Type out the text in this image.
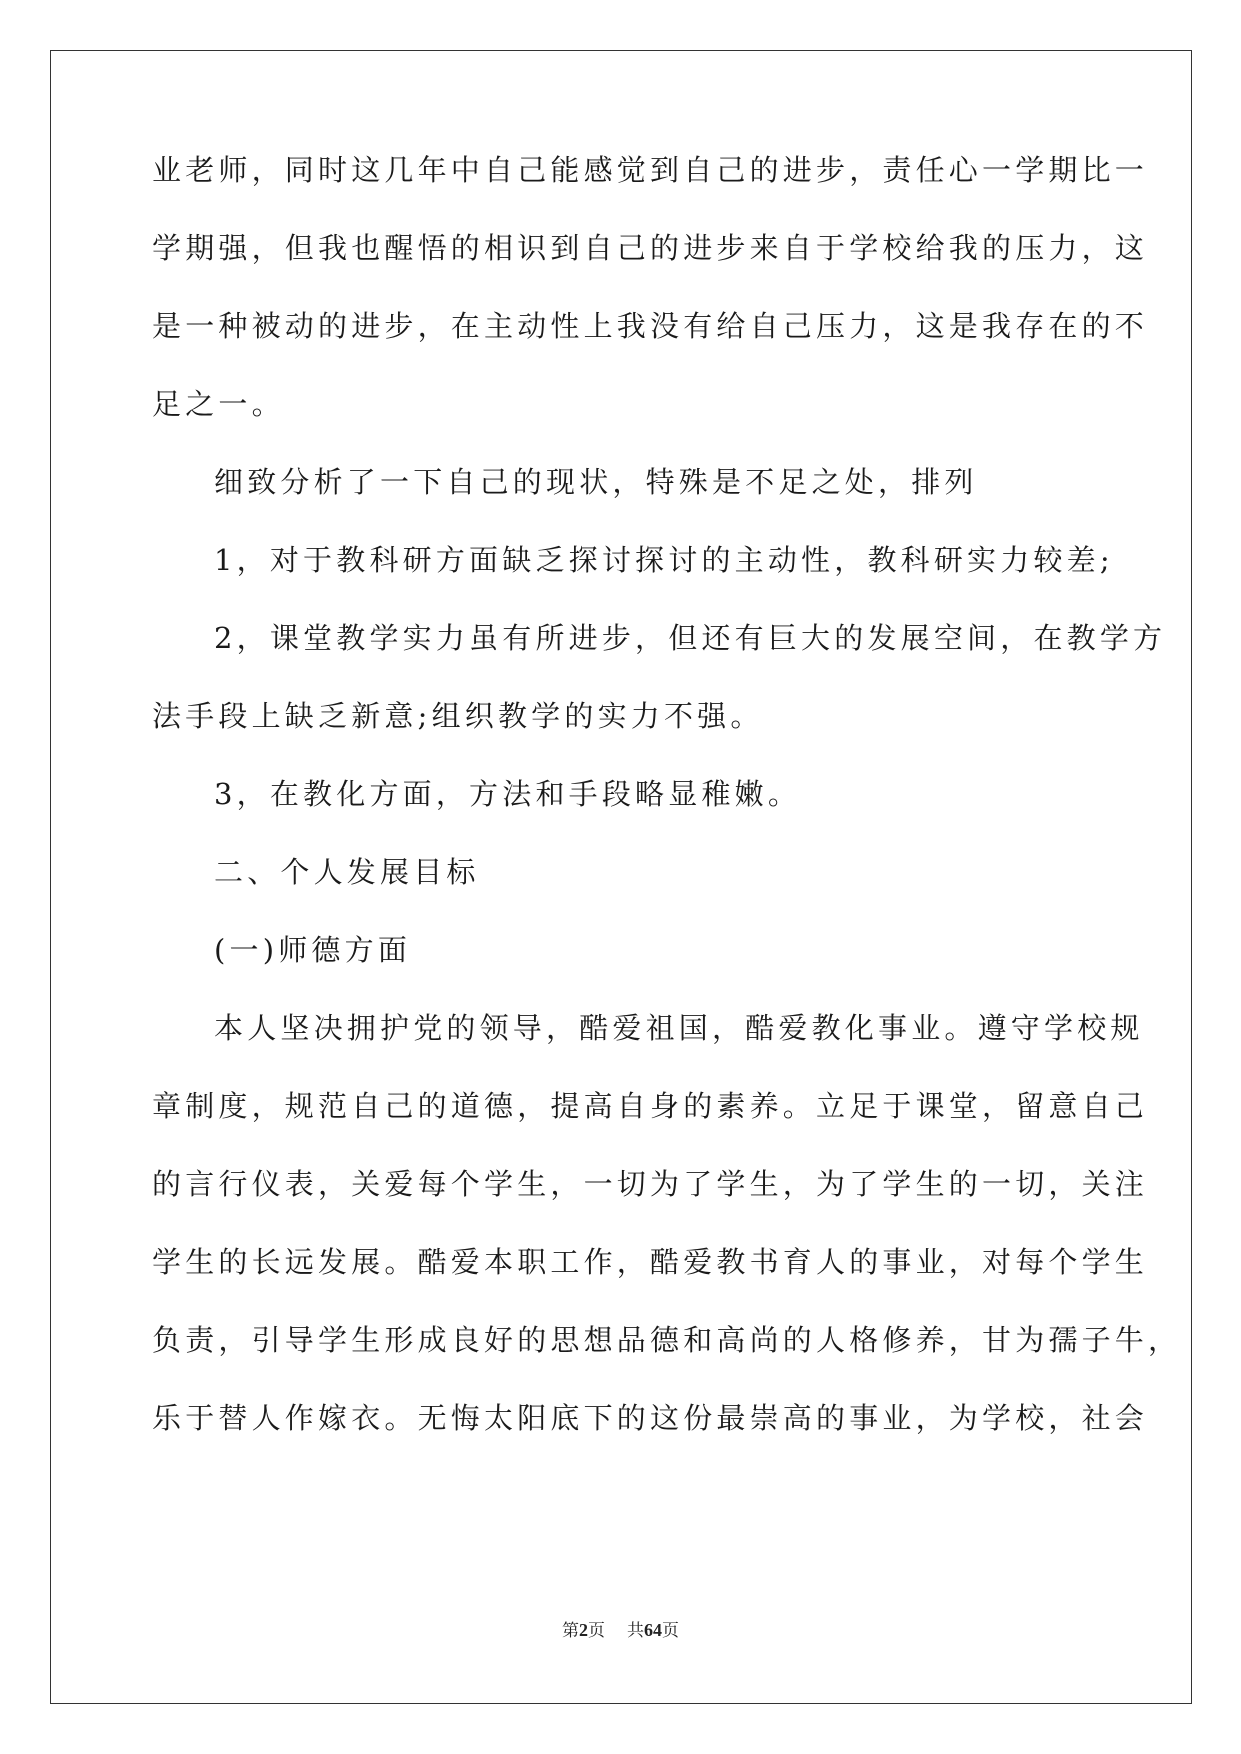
业老师，同时这几年中自己能感觉到自己的进步，责任心一学期比一
学期强，但我也醒悟的相识到自己的进步来自于学校给我的压力，这
是一种被动的进步，在主动性上我没有给自己压力，这是我存在的不
足之一。
细致分析了一下自己的现状，特殊是不足之处，排列
1，对于教科研方面缺乏探讨探讨的主动性，教科研实力较差;
2，课堂教学实力虽有所进步，但还有巨大的发展空间，在教学方
法手段上缺乏新意;组织教学的实力不强。
3，在教化方面，方法和手段略显稚嫩。
二、个人发展目标
(一)师德方面
本人坚决拥护党的领导，酷爱祖国，酷爱教化事业。遵守学校规
章制度，规范自己的道德，提高自身的素养。立足于课堂，留意自己
的言行仪表，关爱每个学生，一切为了学生，为了学生的一切，关注
学生的长远发展。酷爱本职工作，酷爱教书育人的事业，对每个学生
负责，引导学生形成良好的思想品德和高尚的人格修养，甘为孺子牛，
乐于替人作嫁衣。无悔太阳底下的这份最崇高的事业，为学校，社会
第2页 共64页
